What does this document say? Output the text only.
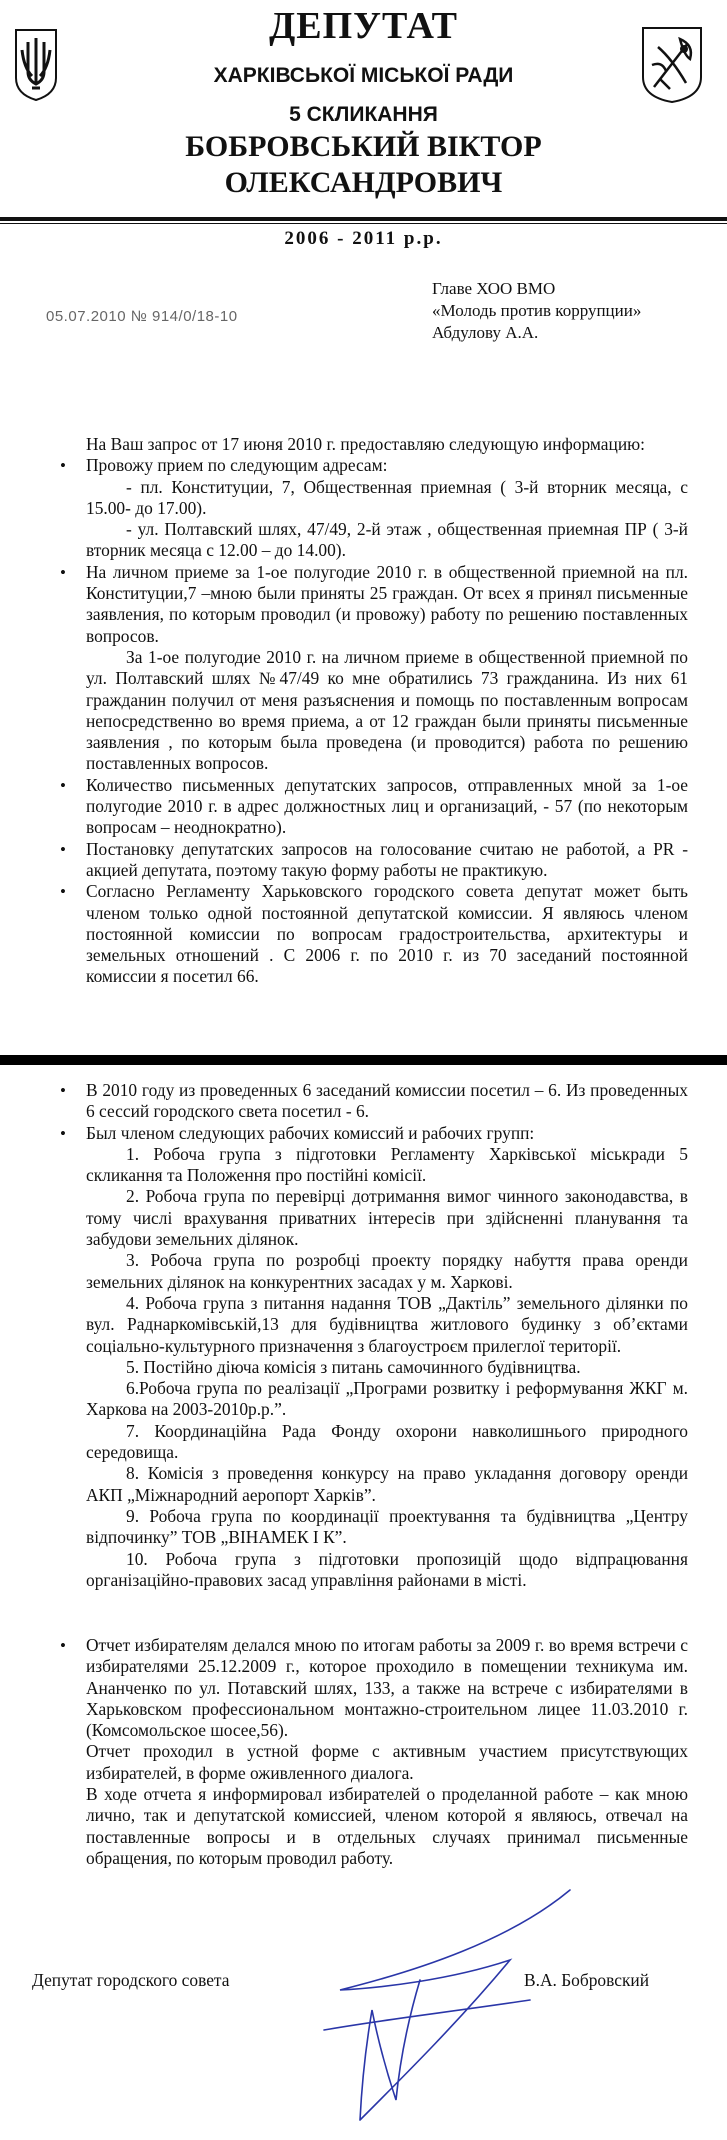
ДЕПУТАТ
ХАРКІВСЬКОЇ МІСЬКОЇ РАДИ
5 СКЛИКАННЯ
БОБРОВСЬКИЙ ВІКТОР
ОЛЕКСАНДРОВИЧ
2006 - 2011 р.р.
05.07.2010 № 914/0/18-10
Главе ХОО ВМО
«Молодь против коррупции»
Абдулову А.А.

На Ваш запрос от 17 июня 2010 г. предоставляю следующую информацию:

• Провожу прием по следующим адресам:
- пл. Конституции, 7, Общественная приемная ( 3-й вторник месяца, с 15.00- до 17.00).
- ул. Полтавский шлях, 47/49, 2-й этаж , общественная приемная ПР ( 3-й вторник месяца с 12.00 – до 14.00).
• На личном приеме за 1-ое полугодие 2010 г. в общественной приемной на пл. Конституции,7 –мною были приняты 25 граждан. От всех я принял письменные заявления, по которым проводил (и провожу) работу по решению поставленных вопросов.

За 1-ое полугодие 2010 г. на личном приеме в общественной приемной по ул. Полтавский шлях №47/49 ко мне обратились 73 гражданина. Из них 61 гражданин получил от меня разъяснения и помощь по поставленным вопросам непосредственно во время приема, а от 12 граждан были приняты письменные заявления , по которым была проведена (и проводится) работа по решению поставленных вопросов.

• Количество письменных депутатских запросов, отправленных мной за 1-ое полугодие 2010 г. в адрес должностных лиц и организаций, - 57 (по некоторым вопросам – неоднократно).
• Постановку депутатских запросов на голосование считаю не работой, а PR - акцией депутата, поэтому такую форму работы не практикую.
• Согласно Регламенту Харьковского городского совета депутат может быть членом только одной постоянной депутатской комиссии. Я являюсь членом постоянной комиссии по вопросам градостроительства, архитектуры и земельных отношений . С 2006 г. по 2010 г. из 70 заседаний постоянной комиссии я посетил 66.
• В 2010 году из проведенных 6 заседаний комиссии посетил – 6. Из проведенных 6 сессий городского света посетил - 6.
• Был членом следующих рабочих комиссий и рабочих групп:
1. Робоча група з підготовки Регламенту Харківської міськради 5 скликання та Положення про постійні комісії.
2. Робоча група по перевірці дотримання вимог чинного законодавства, в тому числі врахування приватних інтересів при здійсненні планування та забудови земельних ділянок.
3. Робоча група по розробці проекту порядку набуття права оренди земельних ділянок на конкурентних засадах у м. Харкові.
4. Робоча група з питання надання ТОВ „Дактіль” земельного ділянки по вул. Раднаркомівській,13 для будівництва житлового будинку з об’єктами соціально-культурного призначення з благоустроєм прилеглої території.
5. Постійно діюча комісія з питань самочинного будівництва.
6.Робоча група по реалізації „Програми розвитку і реформування ЖКГ м. Харкова на 2003-2010р.р.”.
7. Координаційна Рада Фонду охорони навколишнього природного середовища.
8. Комісія з проведення конкурсу на право укладання договору оренди АКП „Міжнародний аеропорт Харків”.
9. Робоча група по координації проектування та будівництва „Центру відпочинку” ТОВ „ВІНАМЕК І К”.
10. Робоча група з підготовки пропозицій щодо відпрацювання організаційно-правових засад управління районами в місті.
• Отчет избирателям делался мною по итогам работы за 2009 г. во время встречи с избирателями 25.12.2009 г., которое проходило в помещении техникума им. Ананченко по ул. Потавский шлях, 133, а также на встрече с избирателями в Харьковском профессиональном монтажно-строительном лицее 11.03.2010 г. (Комсомольское шосее,56).
Отчет проходил в устной форме с активным участием присутствующих избирателей, в форме оживленного диалога.
В ходе отчета я информировал избирателей о проделанной работе – как мною лично, так и депутатской комиссией, членом которой я являюсь, отвечал на поставленные вопросы и в отдельных случаях принимал письменные обращения, по которым проводил работу.
Депутат городского совета	В.А. Бобровский
